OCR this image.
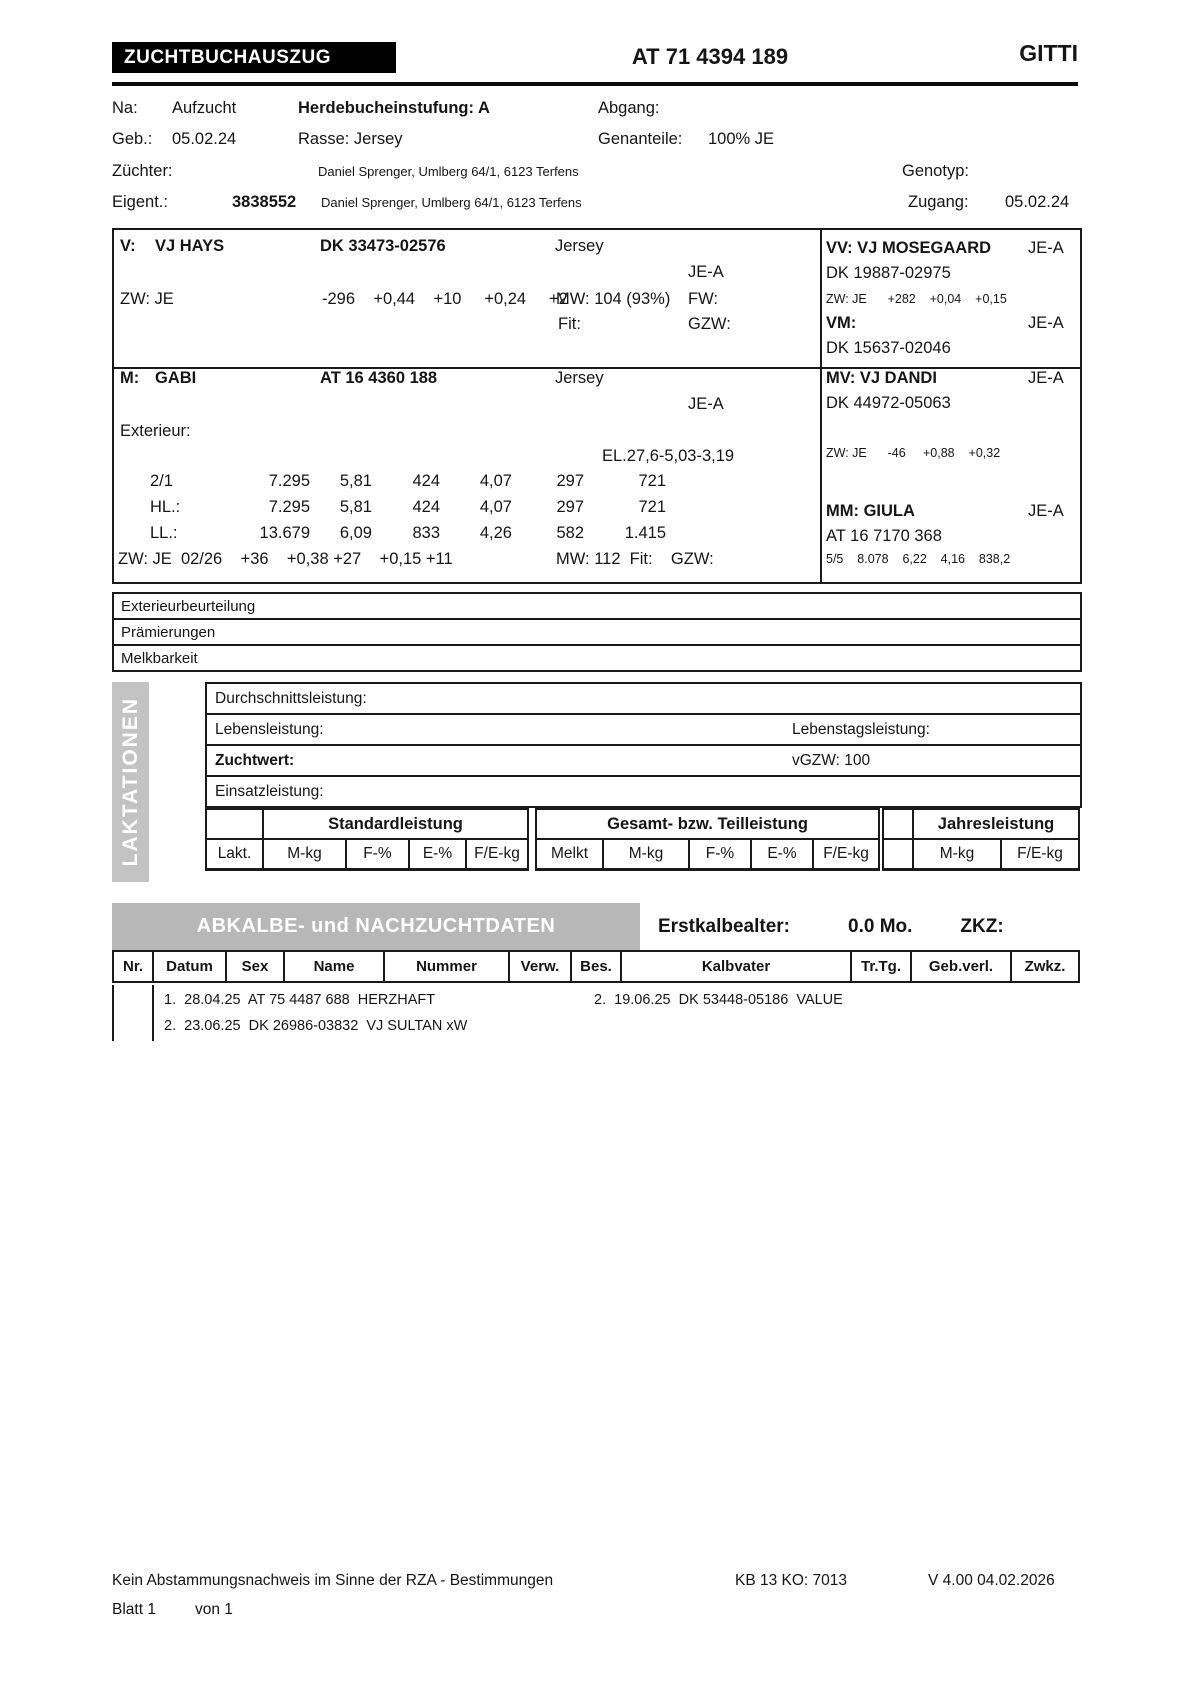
ZUCHTBUCHAUSZUG	AT 71 4394 189	GITTI
Na: Aufzucht	Herdebucheinstufung: A	Abgang:
Geb.: 05.02.24	Rasse: Jersey	Genanteile: 100% JE
Züchter:	Daniel Sprenger, Umlberg 64/1, 6123 Terfens	Genotyp:
Eigent.:	3838552 Daniel Sprenger, Umlberg 64/1, 6123 Terfens	Zugang: 05.02.24
V: VJ HAYS	DK 33473-02576	Jersey
JE-A
ZW: JE	-296    +0,44    +10     +0,24     +2
MW: 104 (93%) FW:
Fit:	GZW:
M: GABI	AT 16 4360 188	Jersey
JE-A
Exterieur:
EL.27,6-5,03-3,19
2/1	7.295	5,81	424	4,07	297	721
HL.:	7.295	5,81	424	4,07	297	721
LL.:	13.679	6,09	833	4,26	582	1.415
ZW: JE  02/26    +36    +0,38 +27    +0,15 +11	MW: 112  Fit:    GZW:
VV: VJ MOSEGAARD JE-A
DK 19887-02975
ZW: JE      +282    +0,04    +0,15
VM:	JE-A
DK 15637-02046
MV: VJ DANDI	JE-A
DK 44972-05063
ZW: JE      -46     +0,88    +0,32
MM: GIULA	JE-A
AT 16 7170 368
5/5    8.078    6,22    4,16    838,2
Exterieurbeurteilung
Prämierungen
Melkbarkeit
LAKTATIONEN	Durchschnittsleistung:
Lebensleistung:	Lebenstagsleistung:
Zuchtwert:	vGZW: 100
Einsatzleistung:
	Standardleistung			
Lakt.	M-kg	F-%	E-%	F/E-kg
Gesamt- bzw. Teilleistung
Melkt	M-kg	F-%	E-%	F/E-kg
	Jahresleistung	
	M-kg	F/E-kg
ABKALBE- und NACHZUCHTDATEN	Erstkalbealter:	0.0 Mo.	ZKZ:
Nr.	Datum	Sex	Name	Nummer	Verw.	Bes.	Kalbvater	Tr.Tg.	Geb.verl.	Zwkz.
1.  28.04.25  AT 75 4487 688  HERZHAFT	2.  19.06.25  DK 53448-05186  VALUE
2.  23.06.25  DK 26986-03832  VJ SULTAN xW
Kein Abstammungsnachweis im Sinne der RZA - Bestimmungen	KB 13 KO: 7013	V 4.00 04.02.2026
Blatt 1	von 1
